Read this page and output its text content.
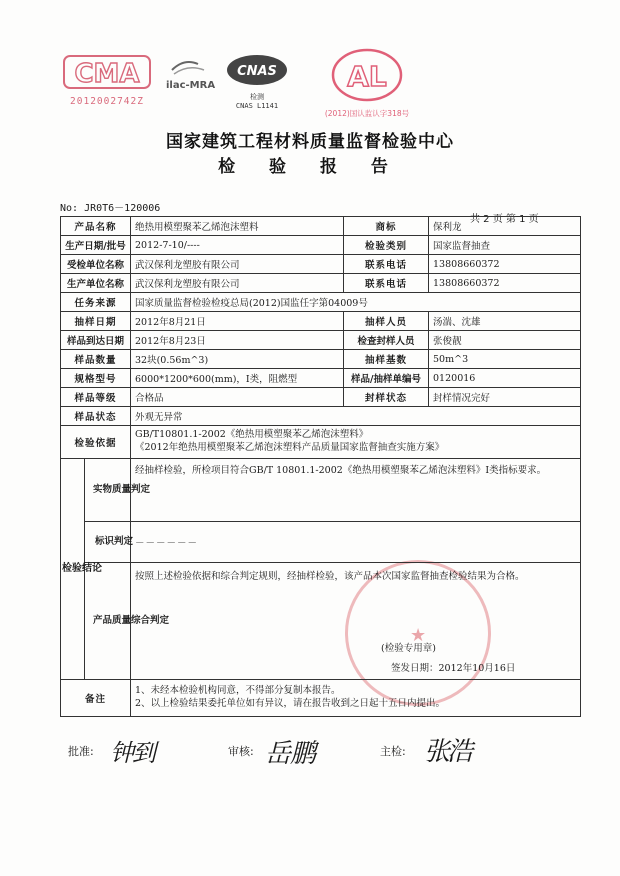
CMA
2012002742Z
ilac-MRA
CNAS
检测
CNAS L1141
AL
(2012)国认监认字318号
国家建筑工程材料质量监督检验中心
检 验 报 告
No: JR0T6－120006
共 2 页 第 1 页
★
产品名称		绝热用模塑聚苯乙烯泡沫塑料	商标	保利龙
生产日期/批号		2012-7-10/----	检验类别	国家监督抽查
受检单位名称		武汉保利龙塑胶有限公司	联系电话	13808660372
生产单位名称		武汉保利龙塑胶有限公司	联系电话	13808660372
任务来源		国家质量监督检验检疫总局(2012)国监任字第04009号		
抽样日期		2012年8月21日	抽样人员	汤湍、沈雄
样品到达日期		2012年8月23日	检查封样人员	张俊靓
样品数量		32块(0.56m^3)	抽样基数	50m^3
规格型号		6000*1200*600(mm)，Ⅰ类，阻燃型	样品/抽样单编号	0120016
样品等级		合格品	封样状态	封样情况完好
样品状态		外观无异常		
检验依据		GB/T10801.1-2002《绝热用模塑聚苯乙烯泡沫塑料》
《2012年绝热用模塑聚苯乙烯泡沫塑料产品质量国家监督抽查实施方案》		

检验结论	实物质量判定	经抽样检验，所检项目符合GB/T 10801.1-2002《绝热用模塑聚苯乙烯泡沫塑料》Ⅰ类指标要求。		
	标识判定	－－－－－－		
	产品质量综合判定	按照上述检验依据和综合判定规则，经抽样检验，该产品本次国家监督抽查检验结果为合格。
(检验专用章)
签发日期：2012年10月16日		

备注		1、未经本检验机构同意，不得部分复制本报告。
2、以上检验结果委托单位如有异议，请在报告收到之日起十五日内提出。		
批准: 钟到	审核: 岳鹏	主检: 张浩
